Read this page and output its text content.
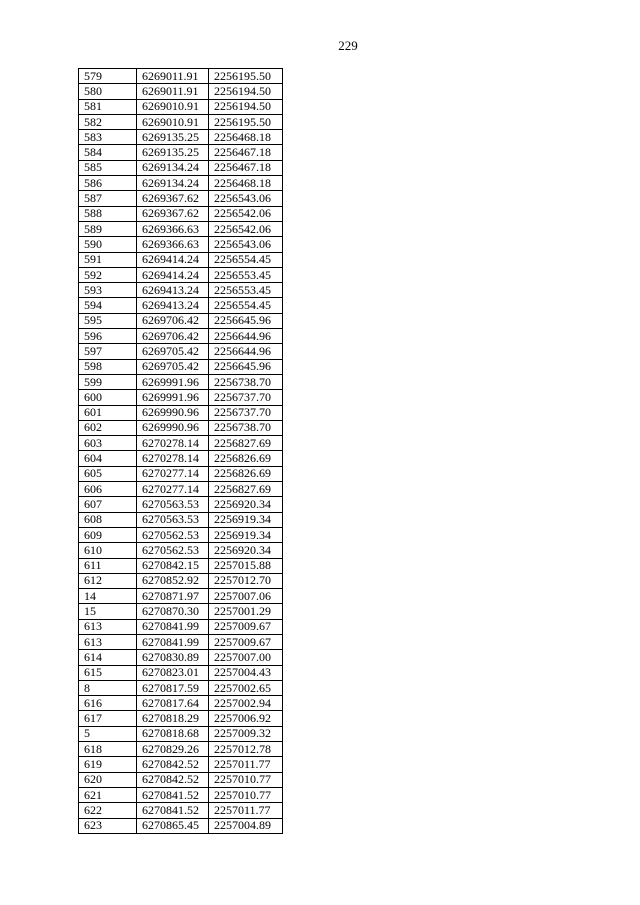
229
579	6269011.91	2256195.50
580	6269011.91	2256194.50
581	6269010.91	2256194.50
582	6269010.91	2256195.50
583	6269135.25	2256468.18
584	6269135.25	2256467.18
585	6269134.24	2256467.18
586	6269134.24	2256468.18
587	6269367.62	2256543.06
588	6269367.62	2256542.06
589	6269366.63	2256542.06
590	6269366.63	2256543.06
591	6269414.24	2256554.45
592	6269414.24	2256553.45
593	6269413.24	2256553.45
594	6269413.24	2256554.45
595	6269706.42	2256645.96
596	6269706.42	2256644.96
597	6269705.42	2256644.96
598	6269705.42	2256645.96
599	6269991.96	2256738.70
600	6269991.96	2256737.70
601	6269990.96	2256737.70
602	6269990.96	2256738.70
603	6270278.14	2256827.69
604	6270278.14	2256826.69
605	6270277.14	2256826.69
606	6270277.14	2256827.69
607	6270563.53	2256920.34
608	6270563.53	2256919.34
609	6270562.53	2256919.34
610	6270562.53	2256920.34
611	6270842.15	2257015.88
612	6270852.92	2257012.70
14	6270871.97	2257007.06
15	6270870.30	2257001.29
613	6270841.99	2257009.67
613	6270841.99	2257009.67
614	6270830.89	2257007.00
615	6270823.01	2257004.43
8	6270817.59	2257002.65
616	6270817.64	2257002.94
617	6270818.29	2257006.92
5	6270818.68	2257009.32
618	6270829.26	2257012.78
619	6270842.52	2257011.77
620	6270842.52	2257010.77
621	6270841.52	2257010.77
622	6270841.52	2257011.77
623	6270865.45	2257004.89
